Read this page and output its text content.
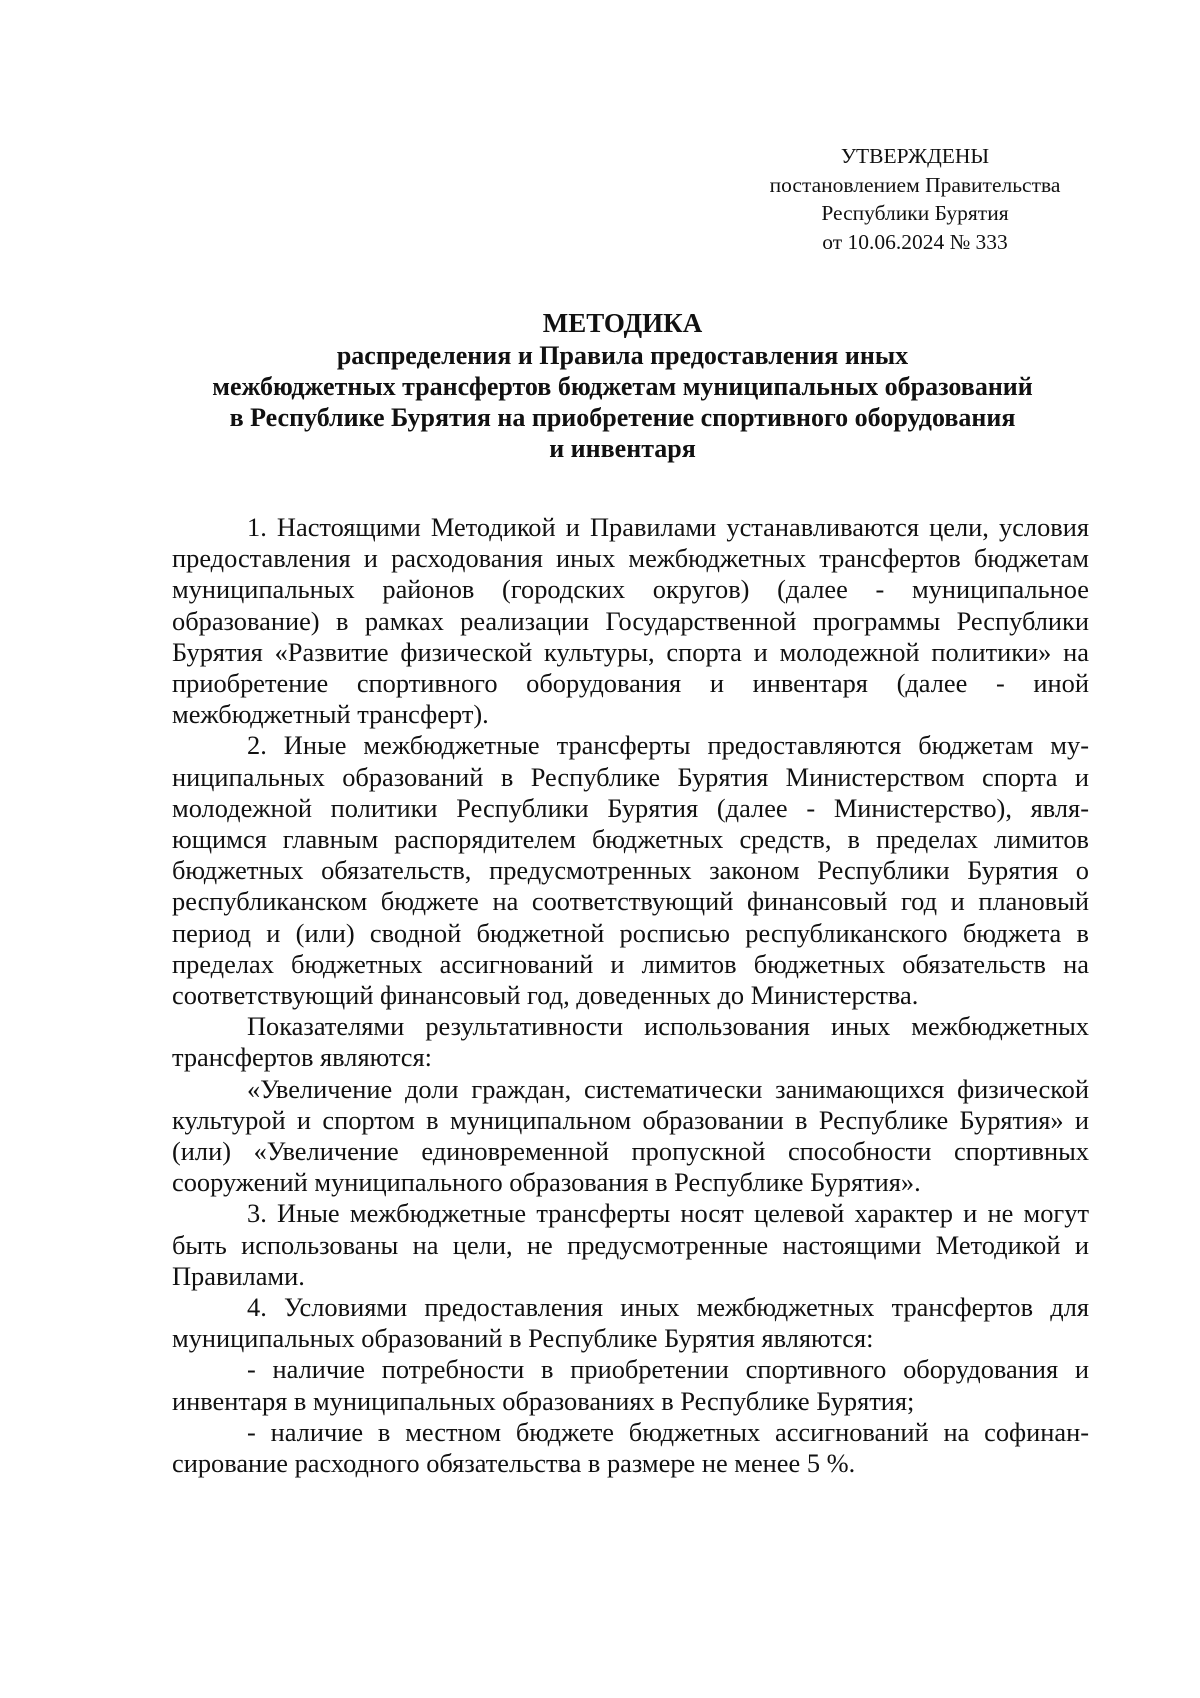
УТВЕРЖДЕНЫ
постановлением Правительства
Республики Бурятия
от 10.06.2024 № 333
МЕТОДИКА
распределения и Правила предоставления иных
межбюджетных трансфертов бюджетам муниципальных образований
в Республике Бурятия на приобретение спортивного оборудования
и инвентаря

1. Настоящими Методикой и Правилами устанавливаются цели, условия предоставления и расходования иных межбюджетных трансфертов бюджетам муниципальных районов (городских округов) (далее - муниципальное образование) в рамках реализации Государственной программы Республики Бурятия «Развитие физической культуры, спорта и молодежной политики» на приобретение спортивного оборудования и инвентаря (далее - иной межбюджетный трансферт).

2. Иные межбюджетные трансферты предоставляются бюджетам муниципальных образований в Республике Бурятия Министерством спорта и молодежной политики Республики Бурятия (далее - Министерство), являющимся главным распорядителем бюджетных средств, в пределах лимитов бюджетных обязательств, предусмотренных законом Республики Бурятия о республиканском бюджете на соответствующий финансовый год и плановый период и (или) сводной бюджетной росписью республиканского бюджета в пределах бюджетных ассигнований и лимитов бюджетных обязательств на соответствующий финансовый год, доведенных до Министерства.

Показателями результативности использования иных межбюджетных трансфертов являются:

«Увеличение доли граждан, систематически занимающихся физической культурой и спортом в муниципальном образовании в Республике Бурятия» и (или) «Увеличение единовременной пропускной способности спортивных сооружений муниципального образования в Республике Бурятия».

3. Иные межбюджетные трансферты носят целевой характер и не могут быть использованы на цели, не предусмотренные настоящими Методикой и Правилами.

4. Условиями предоставления иных межбюджетных трансфертов для муниципальных образований в Республике Бурятия являются:

- наличие потребности в приобретении спортивного оборудования и инвентаря в муниципальных образованиях в Республике Бурятия;

- наличие в местном бюджете бюджетных ассигнований на софинансирование расходного обязательства в размере не менее 5 %.
